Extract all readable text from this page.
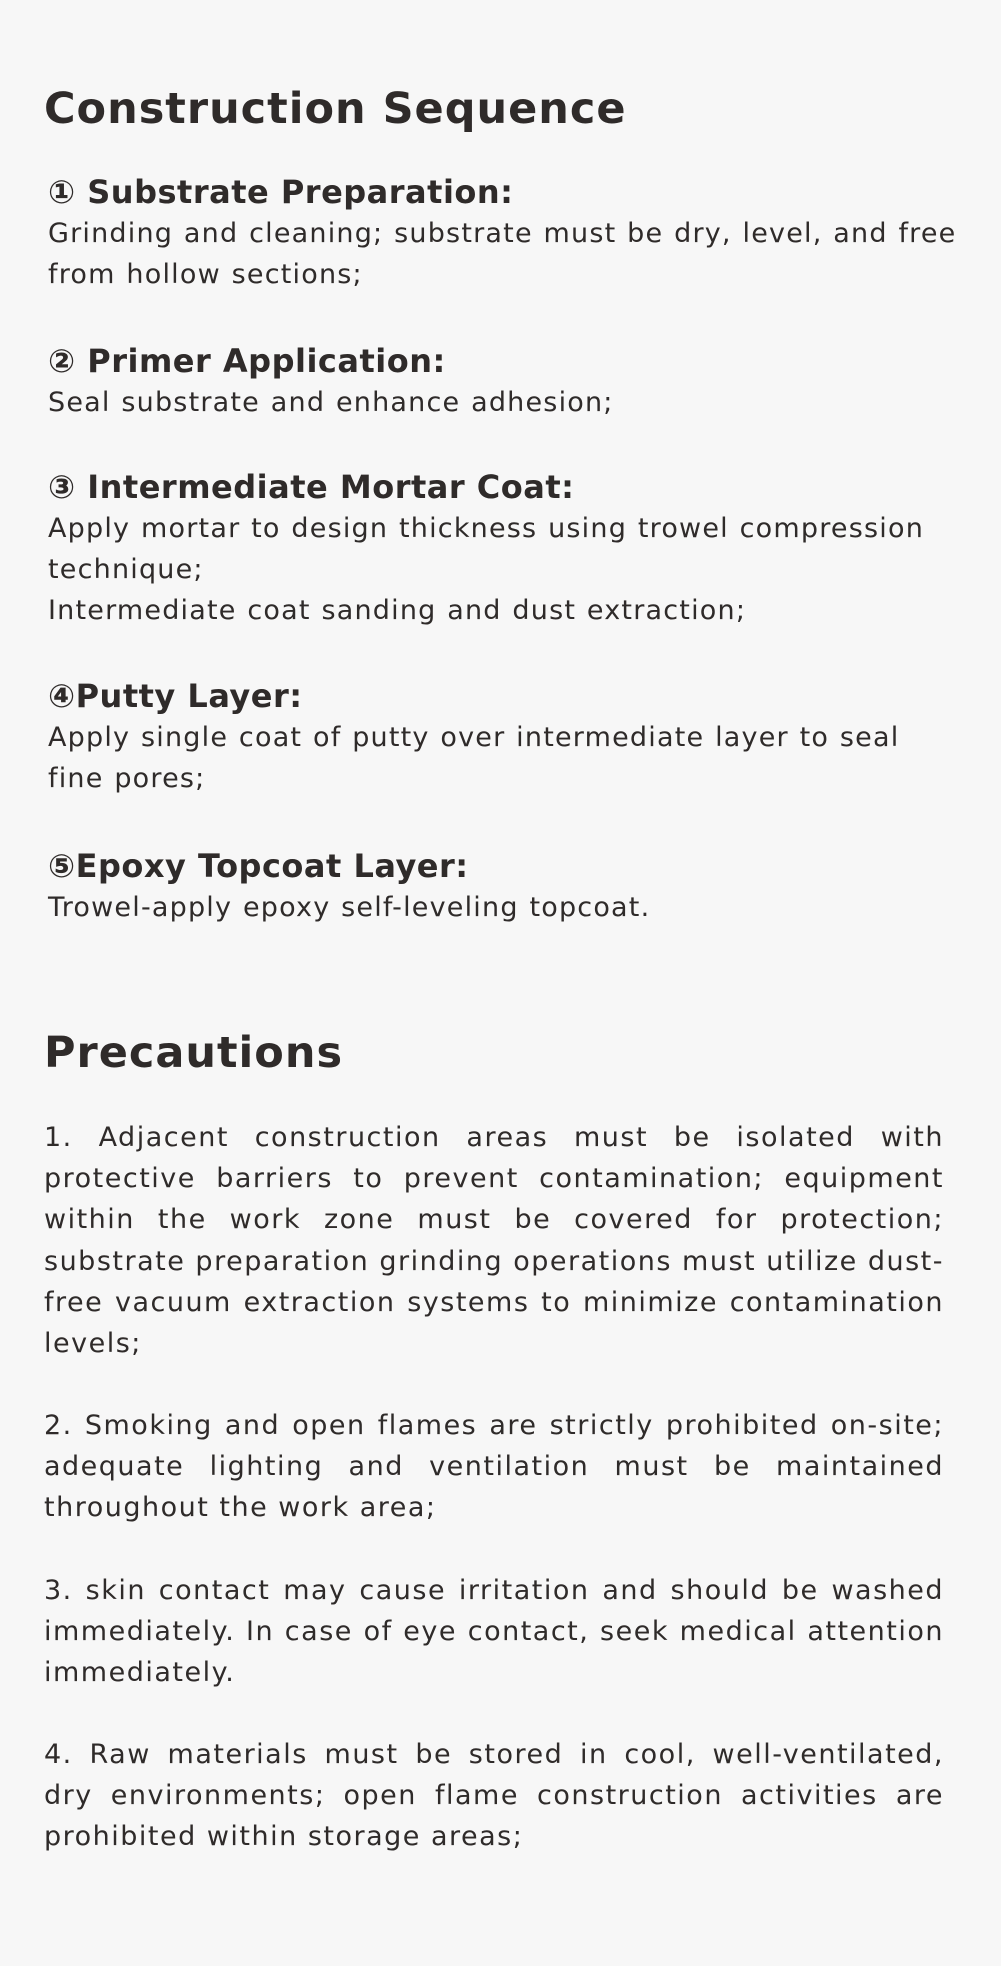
Construction Sequence
① Substrate Preparation:
Grinding and cleaning; substrate must be dry, level, and free
from hollow sections;
② Primer Application:
Seal substrate and enhance adhesion;
③ Intermediate Mortar Coat:
Apply mortar to design thickness using trowel compression
technique;
Intermediate coat sanding and dust extraction;
④Putty Layer:
Apply single coat of putty over intermediate layer to seal
fine pores;
⑤Epoxy Topcoat Layer:
Trowel-apply epoxy self-leveling topcoat.
Precautions

1. Adjacent construction areas must be isolated with protective barriers to prevent contamination; equipment within the work zone must be covered for protection; substrate preparation grinding operations must utilize dust-free vacuum extraction systems to minimize contamination levels;

2. Smoking and open flames are strictly prohibited on-site; adequate lighting and ventilation must be maintained throughout the work area;

3. skin contact may cause irritation and should be washed immediately. In case of eye contact, seek medical attention immediately.

4. Raw materials must be stored in cool, well-ventilated, dry environments; open flame construction activities are prohibited within storage areas;
